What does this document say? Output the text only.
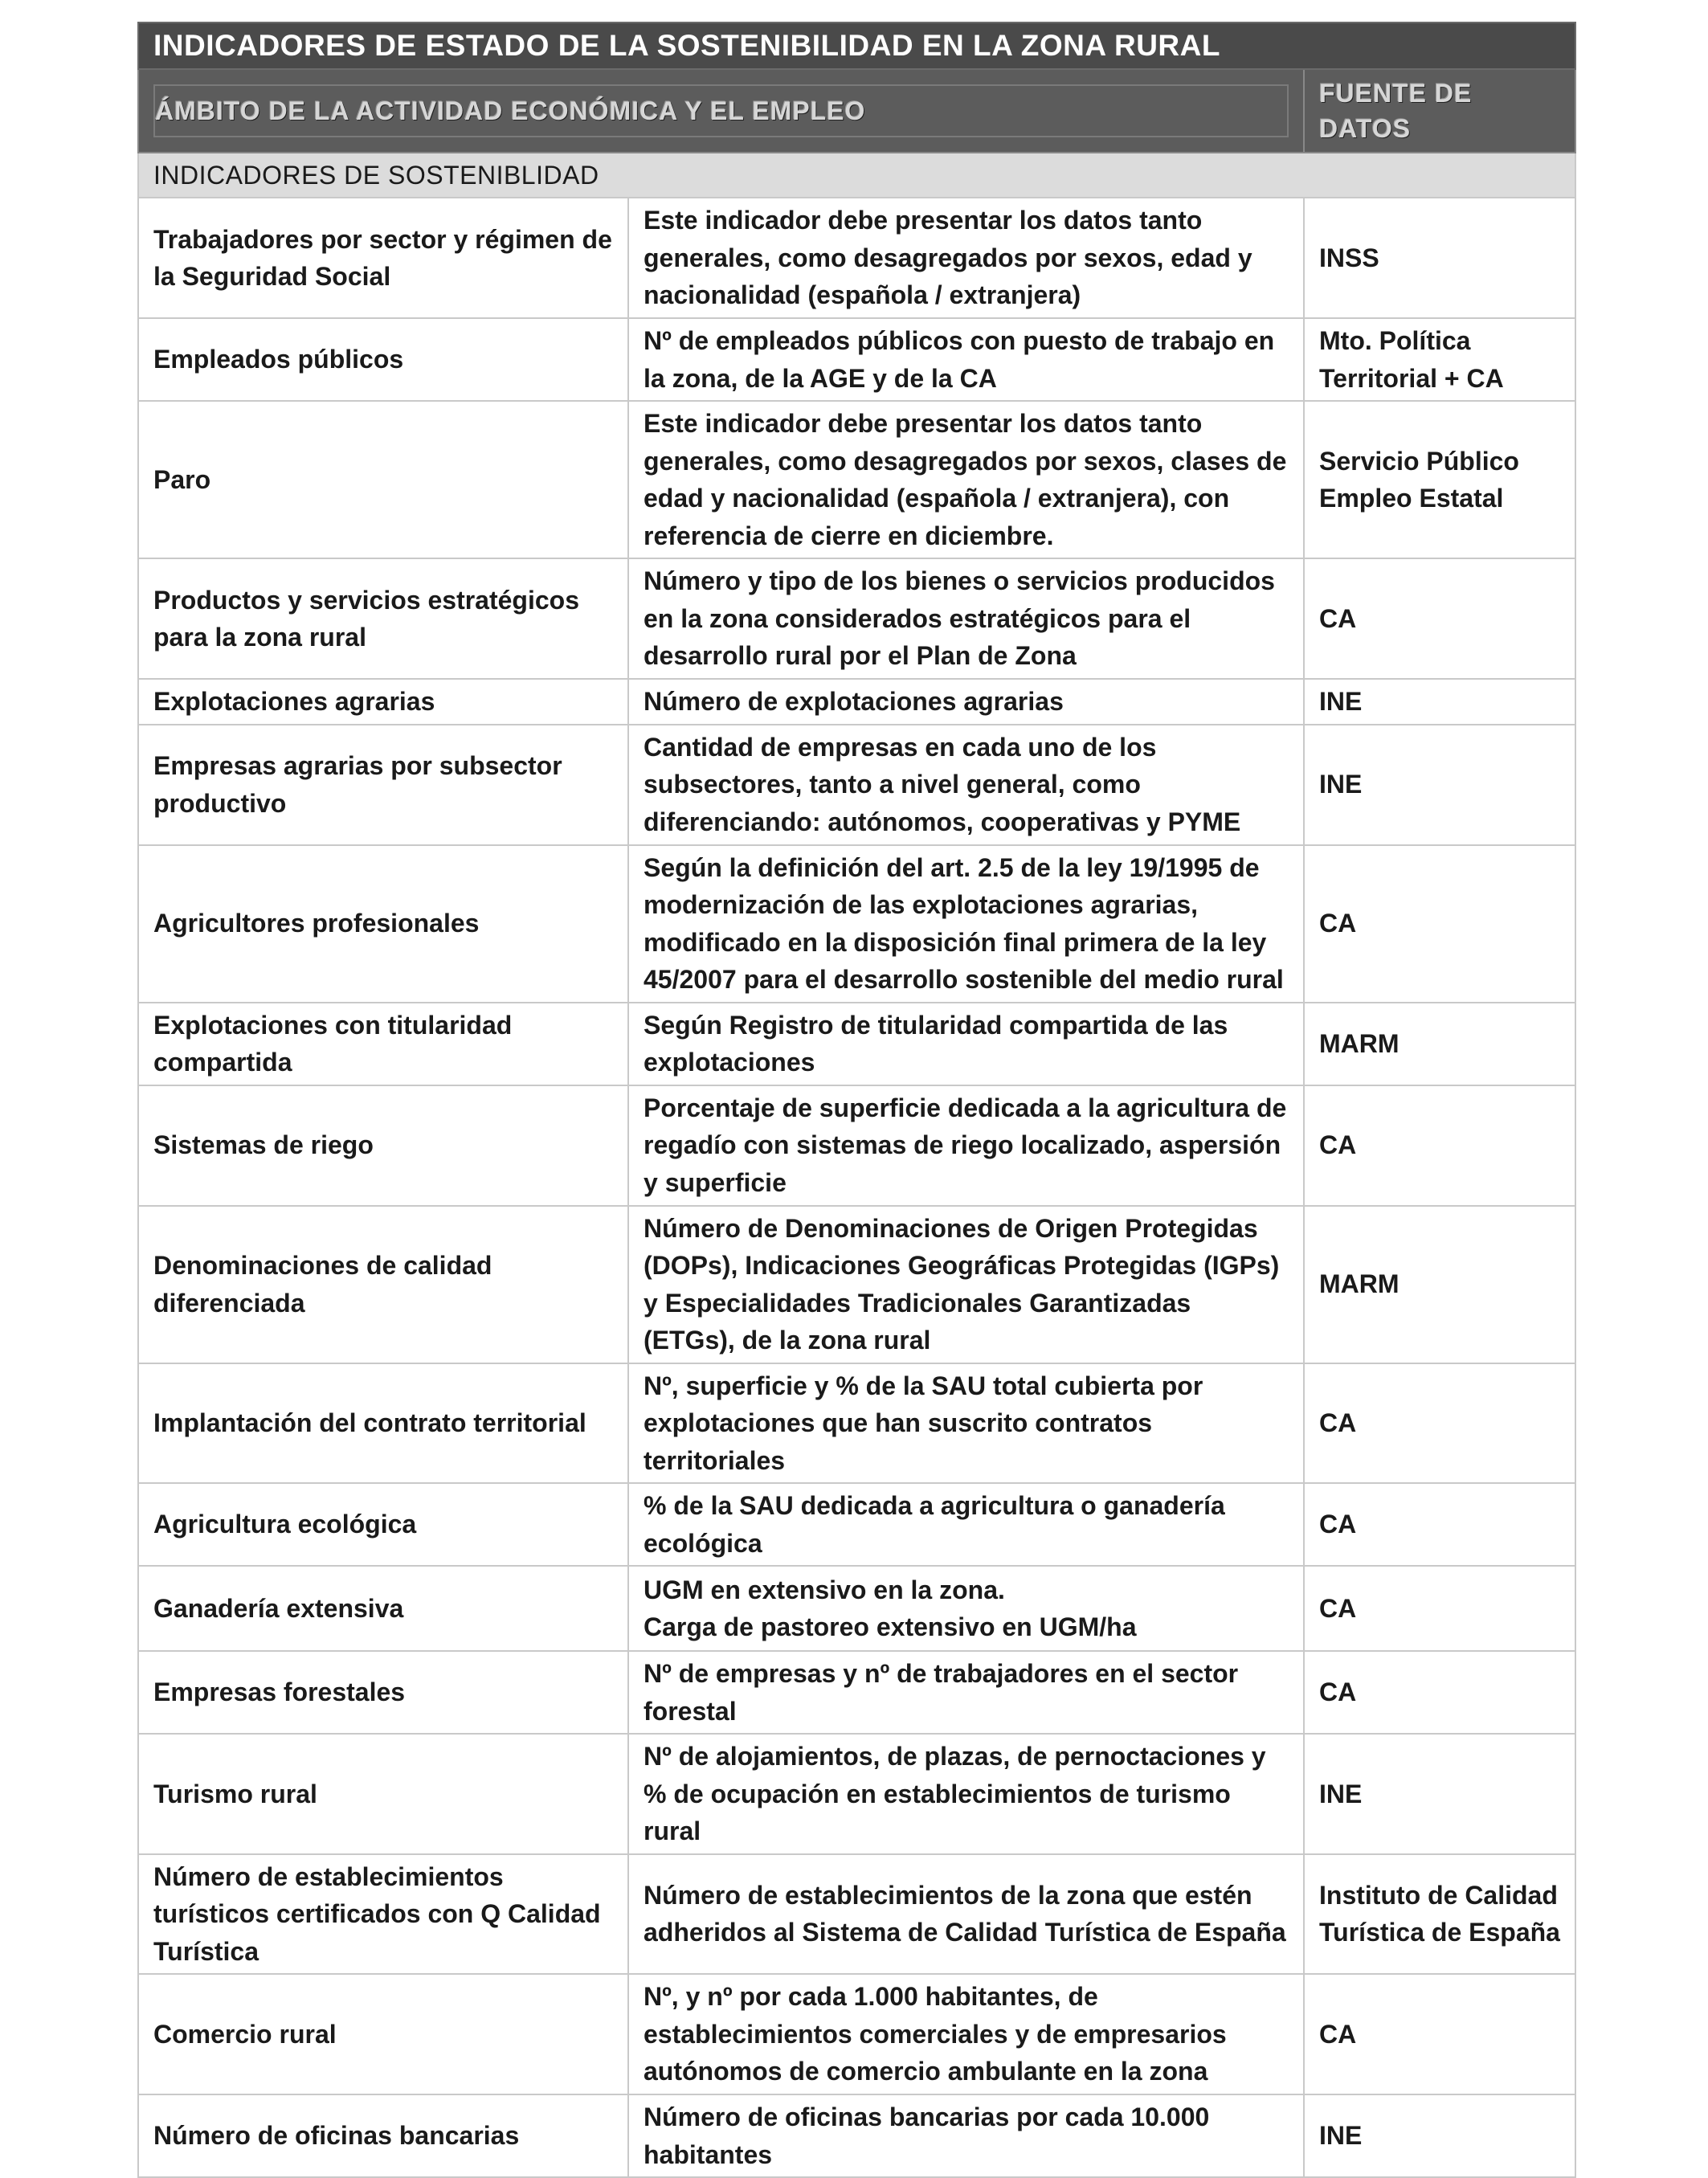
INDICADORES DE ESTADO DE LA SOSTENIBILIDAD EN LA ZONA RURAL		

ÁMBITO DE LA ACTIVIDAD ECONÓMICA Y EL EMPLEO		FUENTE DE
DATOS

INDICADORES DE SOSTENIBLIDAD		
Trabajadores por sector y régimen de la Seguridad Social	Este indicador debe presentar los datos tanto generales, como desagregados por sexos, edad y nacionalidad (española / extranjera)	INSS
Empleados públicos	Nº de empleados públicos con puesto de trabajo en la zona, de la AGE y de la CA	Mto. Política Territorial + CA
Paro	Este indicador debe presentar los datos tanto generales, como desagregados por sexos, clases de edad y nacionalidad (española / extranjera), con referencia de cierre en diciembre.	Servicio Público Empleo Estatal
Productos y servicios estratégicos para la zona rural	Número y tipo de los bienes o servicios producidos en la zona considerados estratégicos para el desarrollo rural por el Plan de Zona	CA
Explotaciones agrarias	Número de explotaciones agrarias	INE
Empresas agrarias por subsector productivo	Cantidad de empresas en cada uno de los subsectores, tanto a nivel general, como diferenciando: autónomos, cooperativas y PYME	INE
Agricultores profesionales	Según la definición del art. 2.5 de la ley 19/1995 de modernización de las explotaciones agrarias, modificado en la disposición final primera de la ley 45/2007 para el desarrollo sostenible del medio rural	CA
Explotaciones con titularidad compartida	Según Registro de titularidad compartida de las explotaciones	MARM
Sistemas de riego	Porcentaje de superficie dedicada a la agricultura de regadío con sistemas de riego localizado, aspersión y superficie	CA
Denominaciones de calidad diferenciada	Número de Denominaciones de Origen Protegidas (DOPs), Indicaciones Geográficas Protegidas (IGPs) y Especialidades Tradicionales Garantizadas (ETGs), de la zona rural	MARM
Implantación del contrato territorial	Nº, superficie y % de la SAU total cubierta por explotaciones que han suscrito contratos territoriales	CA
Agricultura ecológica	% de la SAU dedicada a agricultura o ganadería ecológica	CA
Ganadería extensiva	UGM en extensivo en la zona.
Carga de pastoreo extensivo en UGM/ha	CA
Empresas forestales	Nº de empresas y nº de trabajadores en el sector forestal	CA
Turismo rural	Nº de alojamientos, de plazas, de pernoctaciones y % de ocupación en establecimientos de turismo rural	INE
Número de establecimientos turísticos certificados con Q Calidad Turística	Número de establecimientos de la zona que estén adheridos al Sistema de Calidad Turística de España	Instituto de Calidad Turística de España
Comercio rural	Nº, y nº por cada 1.000 habitantes, de establecimientos comerciales y de empresarios autónomos de comercio ambulante en la zona	CA
Número de oficinas bancarias	Número de oficinas bancarias por cada 10.000 habitantes	INE
